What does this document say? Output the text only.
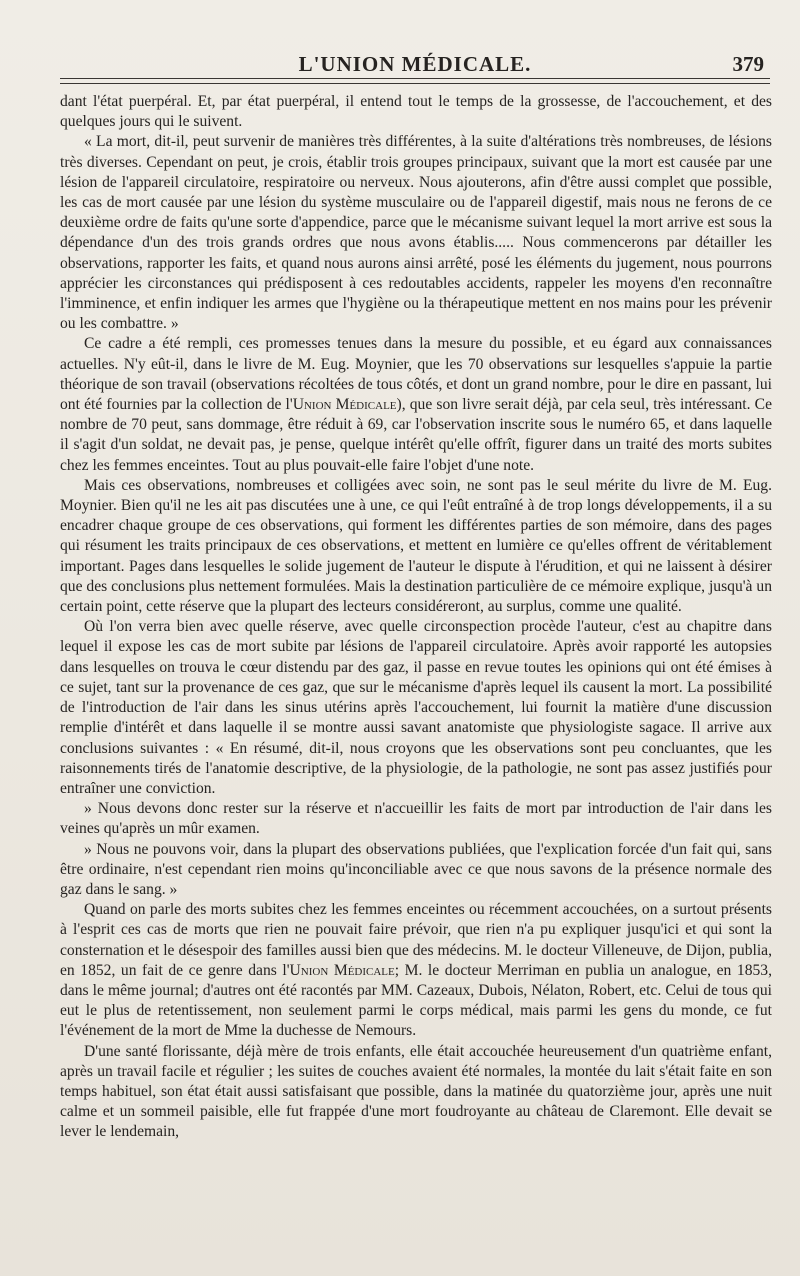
L'UNION MÉDICALE.	379

dant l'état puerpéral. Et, par état puerpéral, il entend tout le temps de la grossesse, de l'accouchement, et des quelques jours qui le suivent.

« La mort, dit-il, peut survenir de manières très différentes, à la suite d'altérations très nombreuses, de lésions très diverses. Cependant on peut, je crois, établir trois groupes principaux, suivant que la mort est causée par une lésion de l'appareil circulatoire, respiratoire ou nerveux. Nous ajouterons, afin d'être aussi complet que possible, les cas de mort causée par une lésion du système musculaire ou de l'appareil digestif, mais nous ne ferons de ce deuxième ordre de faits qu'une sorte d'appendice, parce que le mécanisme suivant lequel la mort arrive est sous la dépendance d'un des trois grands ordres que nous avons établis..... Nous commencerons par détailler les observations, rapporter les faits, et quand nous aurons ainsi arrêté, posé les éléments du jugement, nous pourrons apprécier les circonstances qui prédisposent à ces redoutables accidents, rappeler les moyens d'en reconnaître l'imminence, et enfin indiquer les armes que l'hygiène ou la thérapeutique mettent en nos mains pour les prévenir ou les combattre. »

Ce cadre a été rempli, ces promesses tenues dans la mesure du possible, et eu égard aux connaissances actuelles. N'y eût-il, dans le livre de M. Eug. Moynier, que les 70 observations sur lesquelles s'appuie la partie théorique de son travail (observations récoltées de tous côtés, et dont un grand nombre, pour le dire en passant, lui ont été fournies par la collection de l'Union Médicale), que son livre serait déjà, par cela seul, très intéressant. Ce nombre de 70 peut, sans dommage, être réduit à 69, car l'observation inscrite sous le numéro 65, et dans laquelle il s'agit d'un soldat, ne devait pas, je pense, quelque intérêt qu'elle offrît, figurer dans un traité des morts subites chez les femmes enceintes. Tout au plus pouvait-elle faire l'objet d'une note.

Mais ces observations, nombreuses et colligées avec soin, ne sont pas le seul mérite du livre de M. Eug. Moynier. Bien qu'il ne les ait pas discutées une à une, ce qui l'eût entraîné à de trop longs développements, il a su encadrer chaque groupe de ces observations, qui forment les différentes parties de son mémoire, dans des pages qui résument les traits principaux de ces observations, et mettent en lumière ce qu'elles offrent de véritablement important. Pages dans lesquelles le solide jugement de l'auteur le dispute à l'érudition, et qui ne laissent à désirer que des conclusions plus nettement formulées. Mais la destination particulière de ce mémoire explique, jusqu'à un certain point, cette réserve que la plupart des lecteurs considéreront, au surplus, comme une qualité.

Où l'on verra bien avec quelle réserve, avec quelle circonspection procède l'auteur, c'est au chapitre dans lequel il expose les cas de mort subite par lésions de l'appareil circulatoire. Après avoir rapporté les autopsies dans lesquelles on trouva le cœur distendu par des gaz, il passe en revue toutes les opinions qui ont été émises à ce sujet, tant sur la provenance de ces gaz, que sur le mécanisme d'après lequel ils causent la mort. La possibilité de l'introduction de l'air dans les sinus utérins après l'accouchement, lui fournit la matière d'une discussion remplie d'intérêt et dans laquelle il se montre aussi savant anatomiste que physiologiste sagace. Il arrive aux conclusions suivantes : « En résumé, dit-il, nous croyons que les observations sont peu concluantes, que les raisonnements tirés de l'anatomie descriptive, de la physiologie, de la pathologie, ne sont pas assez justifiés pour entraîner une conviction.

» Nous devons donc rester sur la réserve et n'accueillir les faits de mort par introduction de l'air dans les veines qu'après un mûr examen.

» Nous ne pouvons voir, dans la plupart des observations publiées, que l'explication forcée d'un fait qui, sans être ordinaire, n'est cependant rien moins qu'inconciliable avec ce que nous savons de la présence normale des gaz dans le sang. »

Quand on parle des morts subites chez les femmes enceintes ou récemment accouchées, on a surtout présents à l'esprit ces cas de morts que rien ne pouvait faire prévoir, que rien n'a pu expliquer jusqu'ici et qui sont la consternation et le désespoir des familles aussi bien que des médecins. M. le docteur Villeneuve, de Dijon, publia, en 1852, un fait de ce genre dans l'Union Médicale; M. le docteur Merriman en publia un analogue, en 1853, dans le même journal; d'autres ont été racontés par MM. Cazeaux, Dubois, Nélaton, Robert, etc. Celui de tous qui eut le plus de retentissement, non seulement parmi le corps médical, mais parmi les gens du monde, ce fut l'événement de la mort de Mme la duchesse de Nemours.

D'une santé florissante, déjà mère de trois enfants, elle était accouchée heureusement d'un quatrième enfant, après un travail facile et régulier ; les suites de couches avaient été normales, la montée du lait s'était faite en son temps habituel, son état était aussi satisfaisant que possible, dans la matinée du quatorzième jour, après une nuit calme et un sommeil paisible, elle fut frappée d'une mort foudroyante au château de Claremont. Elle devait se lever le lendemain,
